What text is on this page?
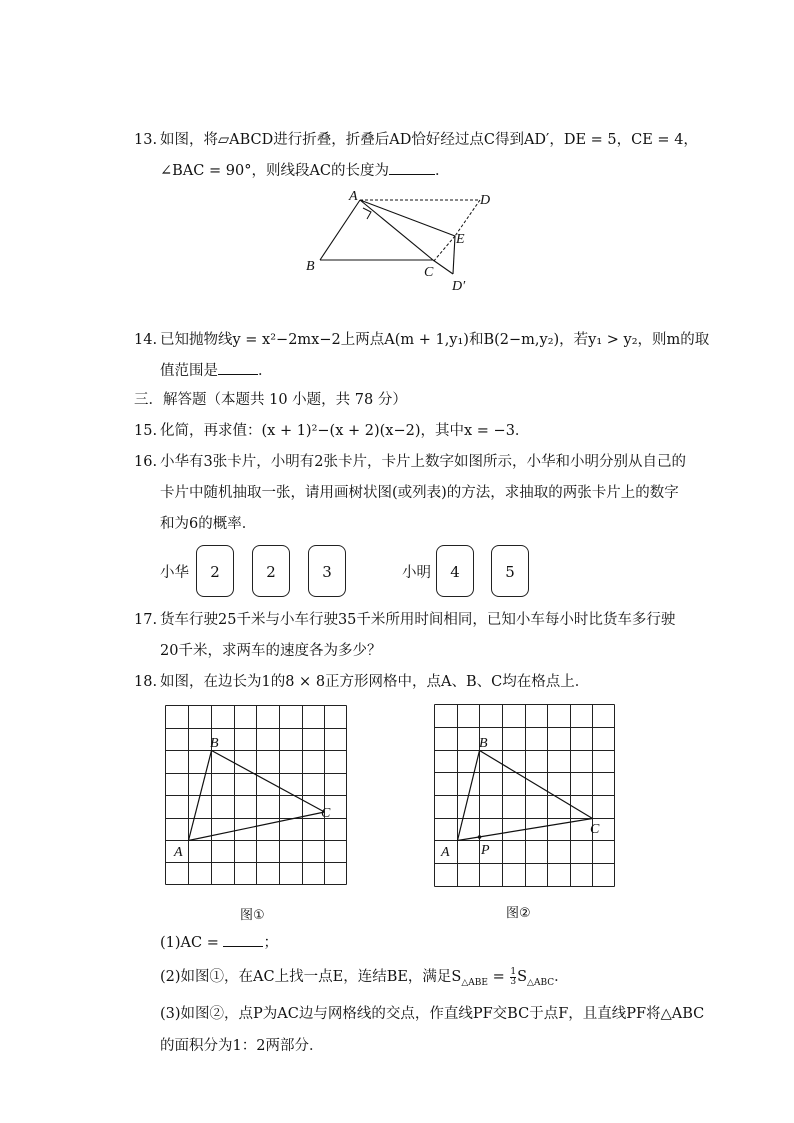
13. 如图，将▱ABCD进行折叠，折叠后AD恰好经过点C得到AD′，DE = 5，CE = 4，
∠BAC = 90°，则线段AC的长度为	．
A	D
E
B	C
D′
14. 已知抛物线y = x²−2mx−2上两点A(m + 1,y₁)和B(2−m,y₂)，若y₁ > y₂，则m的取
值范围是	．
三．解答题（本题共 10 小题，共 78 分）
15. 化简，再求值：(x + 1)²−(x + 2)(x−2)，其中x = −3．
16. 小华有3张卡片，小明有2张卡片，卡片上数字如图所示，小华和小明分别从自己的
卡片中随机抽取一张，请用画树状图(或列表)的方法，求抽取的两张卡片上的数字
和为6的概率．
小华	2	2	3	小明	4	5
17. 货车行驶25千米与小车行驶35千米所用时间相同，已知小车每小时比货车多行驶
20千米，求两车的速度各为多少？
18. 如图，在边长为1的8 × 8正方形网格中，点A、B、C均在格点上．
B
C
A
图①
B
C
A P
图②
(1)AC =	；
(2)如图①，在AC上找一点E，连结BE，满足$S_{\triangle ABE} = \frac{1}{3} S_{\triangle ABC}$．
(3)如图②，点P为AC边与网格线的交点，作直线PF交BC于点F，且直线PF将△ABC
的面积分为1：2两部分．
